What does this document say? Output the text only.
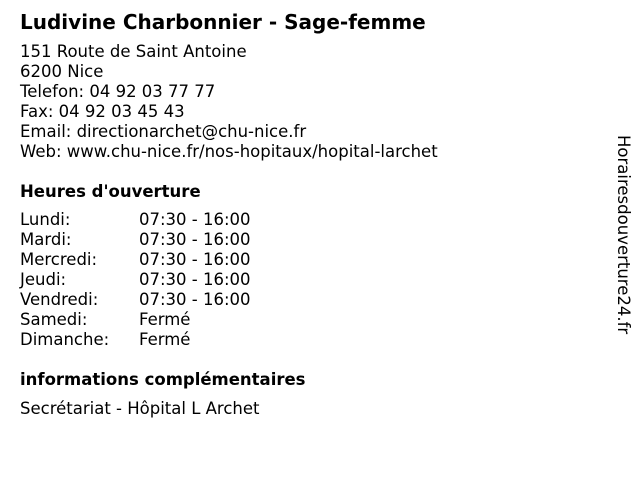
Ludivine Charbonnier - Sage-femme
151 Route de Saint Antoine
6200 Nice
Telefon: 04 92 03 77 77
Fax: 04 92 03 45 43
Email: directionarchet@chu-nice.fr
Web: www.chu-nice.fr/nos-hopitaux/hopital-larchet
Heures d'ouverture
Lundi:	07:30 - 16:00
Mardi:	07:30 - 16:00
Mercredi:	07:30 - 16:00
Jeudi:	07:30 - 16:00
Vendredi:	07:30 - 16:00
Samedi:	Fermé
Dimanche:	Fermé
informations complémentaires
Secrétariat - Hôpital L Archet
Horairesdouverture24.fr
